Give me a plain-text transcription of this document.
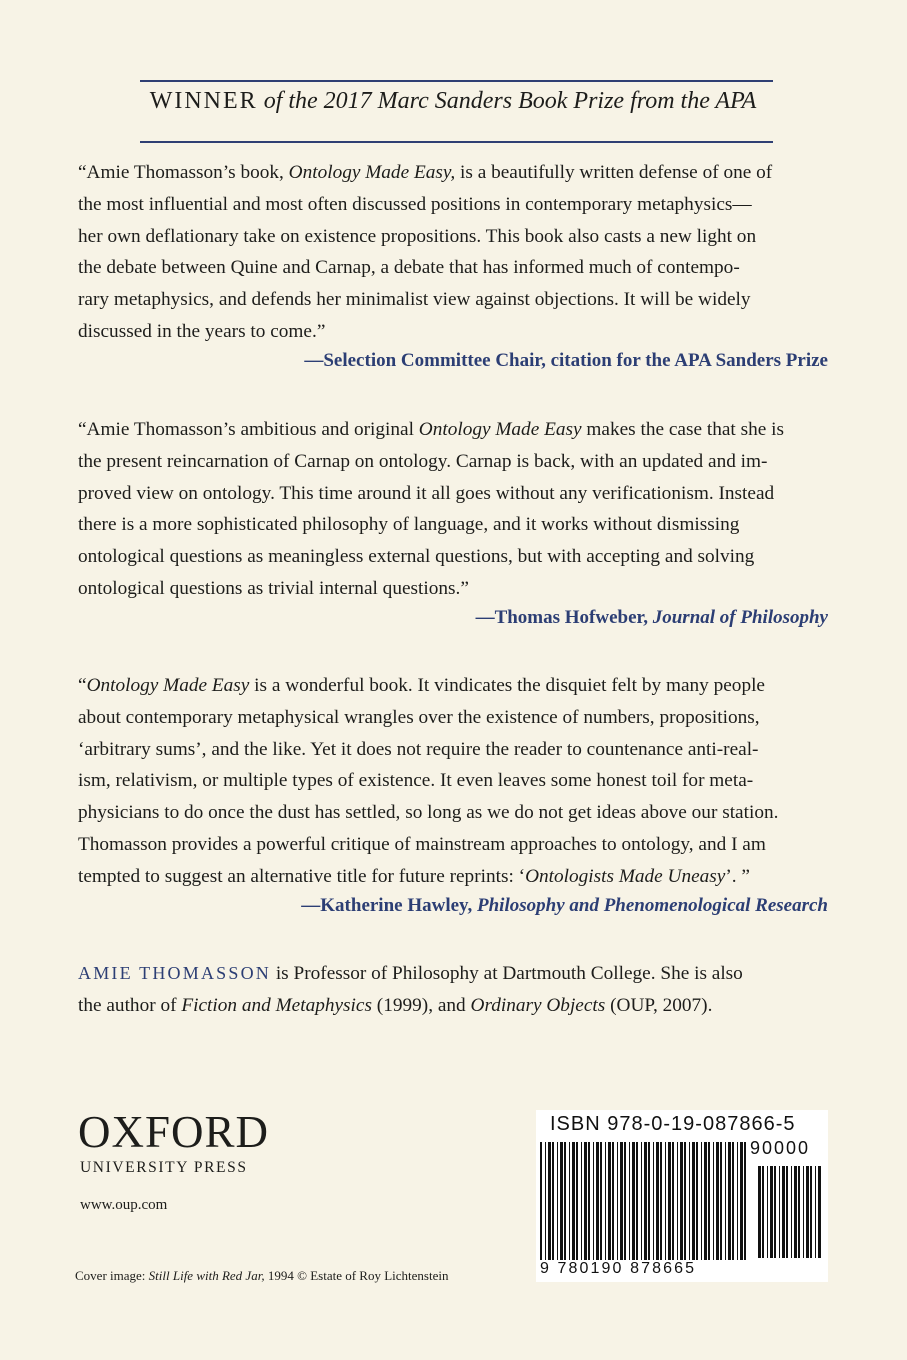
WINNER of the 2017 Marc Sanders Book Prize from the APA
“Amie Thomasson’s book, Ontology Made Easy, is a beautifully written defense of one of
the most influential and most often discussed positions in contemporary metaphysics—
her own deflationary take on existence propositions. This book also casts a new light on
the debate between Quine and Carnap, a debate that has informed much of contempo-
rary metaphysics, and defends her minimalist view against objections. It will be widely
discussed in the years to come.”
—Selection Committee Chair, citation for the APA Sanders Prize
“Amie Thomasson’s ambitious and original Ontology Made Easy makes the case that she is
the present reincarnation of Carnap on ontology. Carnap is back, with an updated and im-
proved view on ontology. This time around it all goes without any verificationism. Instead
there is a more sophisticated philosophy of language, and it works without dismissing
ontological questions as meaningless external questions, but with accepting and solving
ontological questions as trivial internal questions.”
—Thomas Hofweber, Journal of Philosophy
“Ontology Made Easy is a wonderful book. It vindicates the disquiet felt by many people
about contemporary metaphysical wrangles over the existence of numbers, propositions,
‘arbitrary sums’, and the like. Yet it does not require the reader to countenance anti-real-
ism, relativism, or multiple types of existence. It even leaves some honest toil for meta-
physicians to do once the dust has settled, so long as we do not get ideas above our station.
Thomasson provides a powerful critique of mainstream approaches to ontology, and I am
tempted to suggest an alternative title for future reprints: ‘Ontologists Made Uneasy’. ”
—Katherine Hawley, Philosophy and Phenomenological Research
AMIE THOMASSON is Professor of Philosophy at Dartmouth College. She is also
the author of Fiction and Metaphysics (1999), and Ordinary Objects (OUP, 2007).
OXFORD
UNIVERSITY PRESS
www.oup.com
Cover image: Still Life with Red Jar, 1994 © Estate of Roy Lichtenstein
ISBN 978-0-19-087866-5
90000
9 780190 878665
